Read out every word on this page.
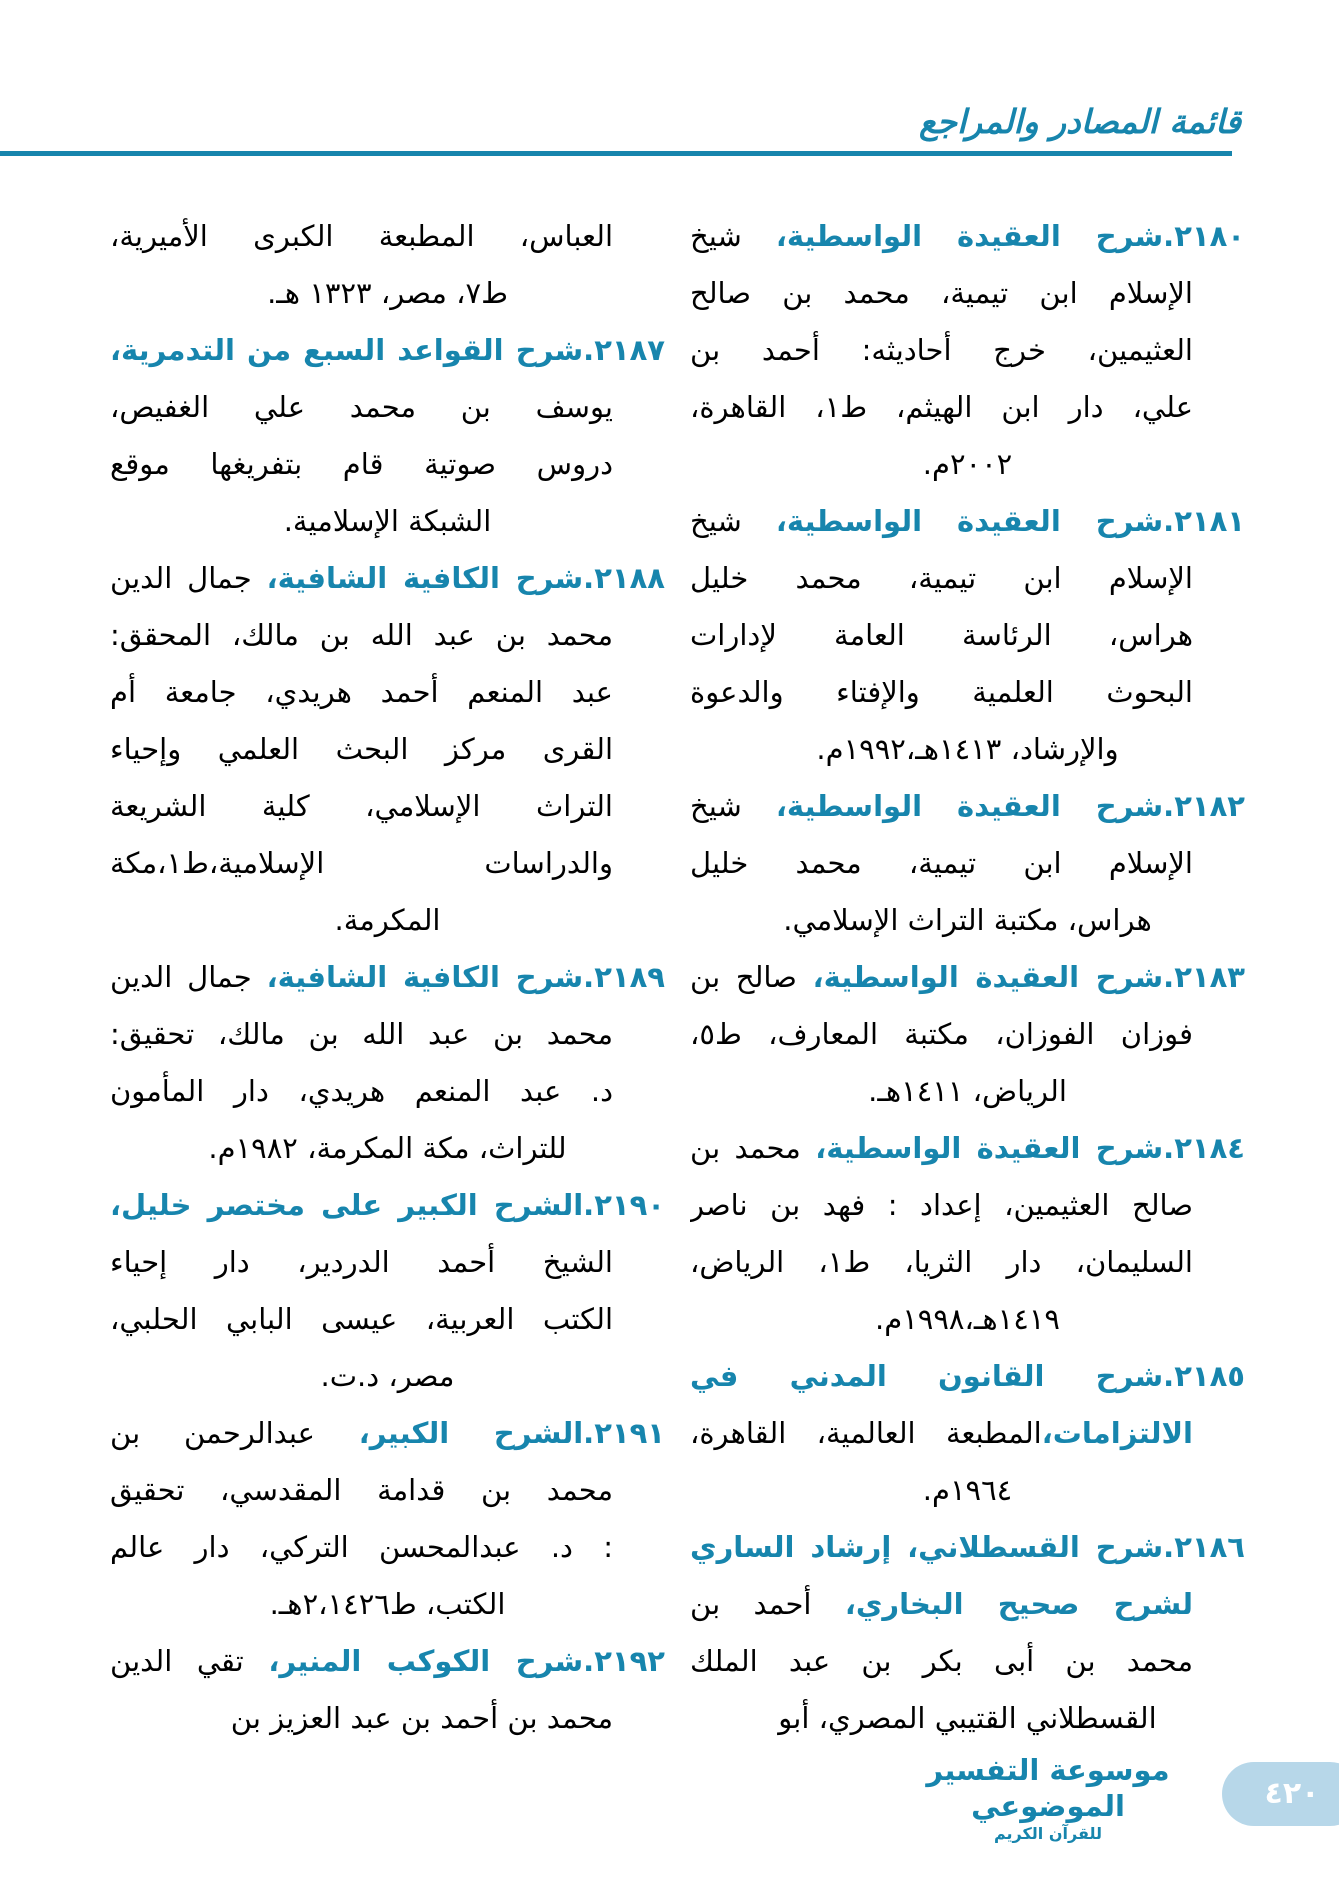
قائمة المصادر والمراجع
٢١٨٠.شرح العقيدة الواسطية، شيخ
الإسلام ابن تيمية، محمد بن صالح
العثيمين، خرج أحاديثه: أحمد بن
علي، دار ابن الهيثم، ط١، القاهرة،
٢٠٠٢م.
٢١٨١.شرح العقيدة الواسطية، شيخ
الإسلام ابن تيمية، محمد خليل
هراس، الرئاسة العامة لإدارات
البحوث العلمية والإفتاء والدعوة
والإرشاد، ١٤١٣هـ،١٩٩٢م.
٢١٨٢.شرح العقيدة الواسطية، شيخ
الإسلام ابن تيمية، محمد خليل
هراس، مكتبة التراث الإسلامي.
٢١٨٣.شرح العقيدة الواسطية، صالح بن
فوزان الفوزان، مكتبة المعارف، ط٥،
الرياض، ١٤١١هـ.
٢١٨٤.شرح العقيدة الواسطية، محمد بن
صالح العثيمين، إعداد : فهد بن ناصر
السليمان، دار الثريا، ط١، الرياض،
١٤١٩هـ،١٩٩٨م.
٢١٨٥.شرح القانون المدني في
الالتزامات،المطبعة العالمية، القاهرة،
١٩٦٤م.
٢١٨٦.شرح القسطلاني، إرشاد الساري
لشرح صحيح البخاري، أحمد بن
محمد بن أبى بكر بن عبد الملك
القسطلاني القتيبي المصري، أبو
العباس، المطبعة الكبرى الأميرية،
ط٧، مصر، ١٣٢٣ هـ.
٢١٨٧.شرح القواعد السبع من التدمرية،
يوسف بن محمد علي الغفيص،
دروس صوتية قام بتفريغها موقع
الشبكة الإسلامية.
٢١٨٨.شرح الكافية الشافية، جمال الدين
محمد بن عبد الله بن مالك، المحقق:
عبد المنعم أحمد هريدي، جامعة أم
القرى مركز البحث العلمي وإحياء
التراث الإسلامي، كلية الشريعة
والدراسات الإسلامية،ط١،مكة
المكرمة.
٢١٨٩.شرح الكافية الشافية، جمال الدين
محمد بن عبد الله بن مالك، تحقيق:
د. عبد المنعم هريدي، دار المأمون
للتراث، مكة المكرمة، ١٩٨٢م.
٢١٩٠.الشرح الكبير على مختصر خليل،
الشيخ أحمد الدردير، دار إحياء
الكتب العربية، عيسى البابي الحلبي،
مصر، د.ت.
٢١٩١.الشرح الكبير، عبدالرحمن بن
محمد بن قدامة المقدسي، تحقيق
: د. عبدالمحسن التركي، دار عالم
الكتب، ط٢،١٤٢٦هـ.
٢١٩٢.شرح الكوكب المنير، تقي الدين
محمد بن أحمد بن عبد العزيز بن
موسوعة التفسير الموضوعي
للقرآن الكريم
٤٢٠
